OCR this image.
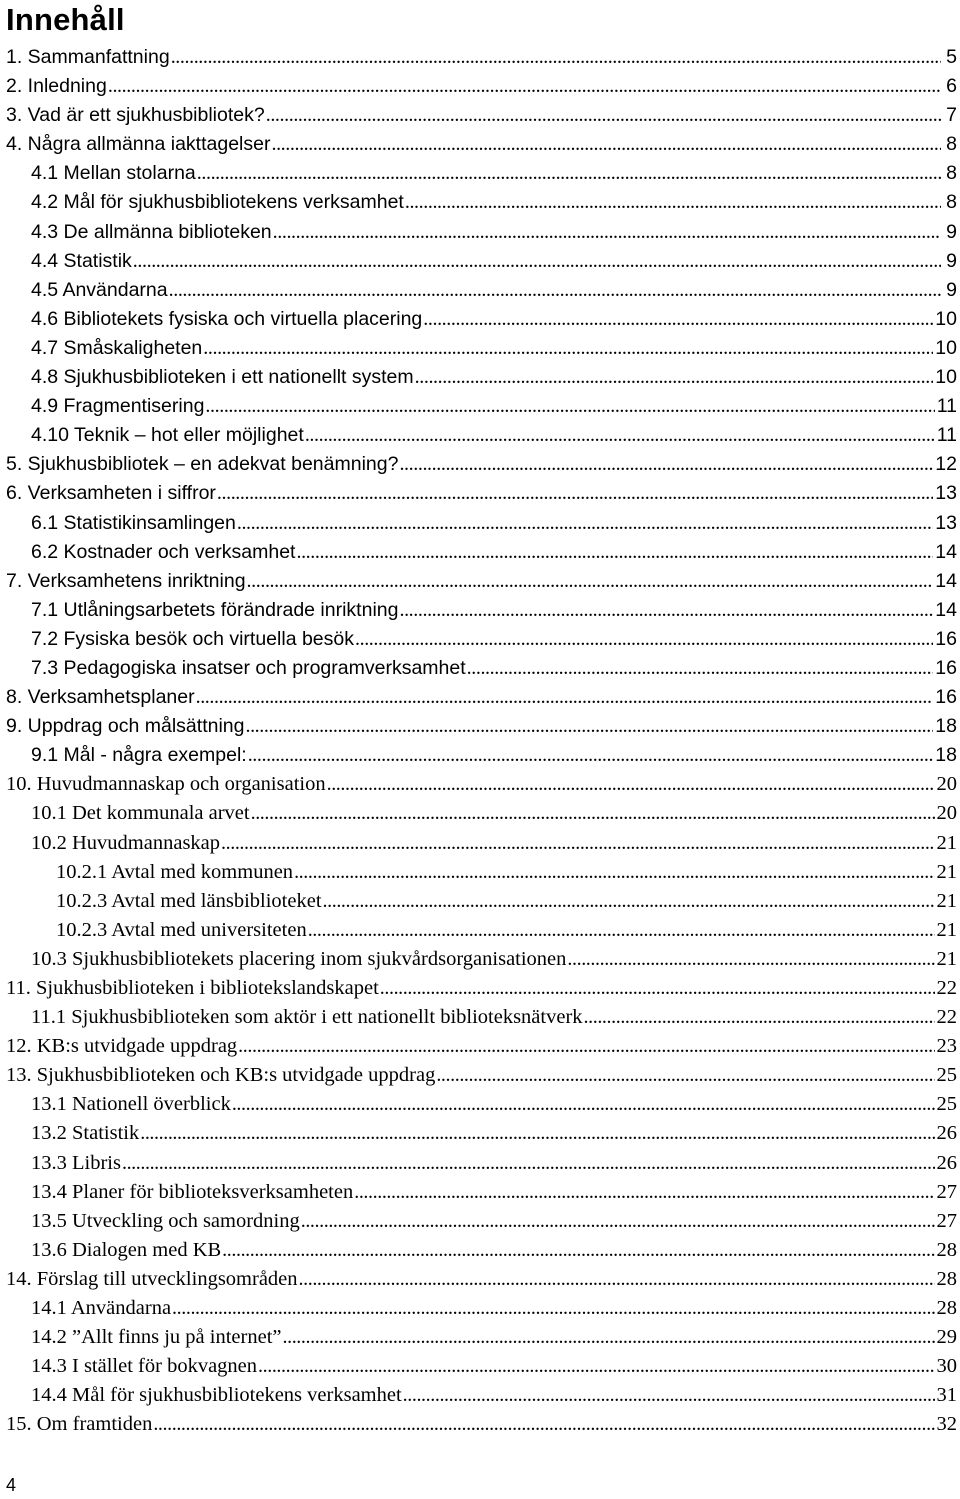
Innehåll
1. Sammanfattning . . .	5
2. Inledning . . .	6
3. Vad är ett sjukhusbibliotek? . . .	7
4. Några allmänna iakttagelser . . .	8
4.1 Mellan stolarna . . .	8
4.2 Mål för sjukhusbibliotekens verksamhet . . .	8
4.3 De allmänna biblioteken . . .	9
4.4 Statistik . . .	9
4.5 Användarna . . .	9
4.6 Bibliotekets fysiska och virtuella placering . . .	10
4.7 Småskaligheten . . .	10
4.8 Sjukhusbiblioteken i ett nationellt system . . .	10
4.9 Fragmentisering . . .	11
4.10 Teknik – hot eller möjlighet . . .	11
5. Sjukhusbibliotek – en adekvat benämning? . . .	12
6. Verksamheten i siffror . . .	13
6.1 Statistikinsamlingen . . .	13
6.2 Kostnader och verksamhet . . .	14
7. Verksamhetens inriktning . . .	14
7.1 Utlåningsarbetets förändrade inriktning . . .	14
7.2 Fysiska besök och virtuella besök . . .	16
7.3 Pedagogiska insatser och programverksamhet . . .	16
8. Verksamhetsplaner . . .	16
9. Uppdrag och målsättning . . .	18
9.1 Mål - några exempel: . . .	18
10. Huvudmannaskap och organisation . . .	20
10.1 Det kommunala arvet . . .	20
10.2 Huvudmannaskap . . .	21
10.2.1 Avtal med kommunen . . .	21
10.2.3 Avtal med länsbiblioteket . . .	21
10.2.3 Avtal med universiteten . . .	21
10.3 Sjukhusbibliotekets placering inom sjukvårdsorganisationen . . .	21
11. Sjukhusbiblioteken i bibliotekslandskapet . . .	22
11.1 Sjukhusbiblioteken som aktör i ett nationellt biblioteksnätverk . . .	22
12. KB:s utvidgade uppdrag . . .	23
13. Sjukhusbiblioteken och KB:s utvidgade uppdrag . . .	25
13.1 Nationell överblick . . .	25
13.2 Statistik . . .	26
13.3 Libris . . .	26
13.4 Planer för biblioteksverksamheten . . .	27
13.5 Utveckling och samordning . . .	27
13.6 Dialogen med KB . . .	28
14. Förslag till utvecklingsområden . . .	28
14.1 Användarna . . .	28
14.2 ”Allt finns ju på internet” . . .	29
14.3 I stället för bokvagnen . . .	30
14.4 Mål för sjukhusbibliotekens verksamhet . . .	31
15. Om framtiden . . .	32
4
